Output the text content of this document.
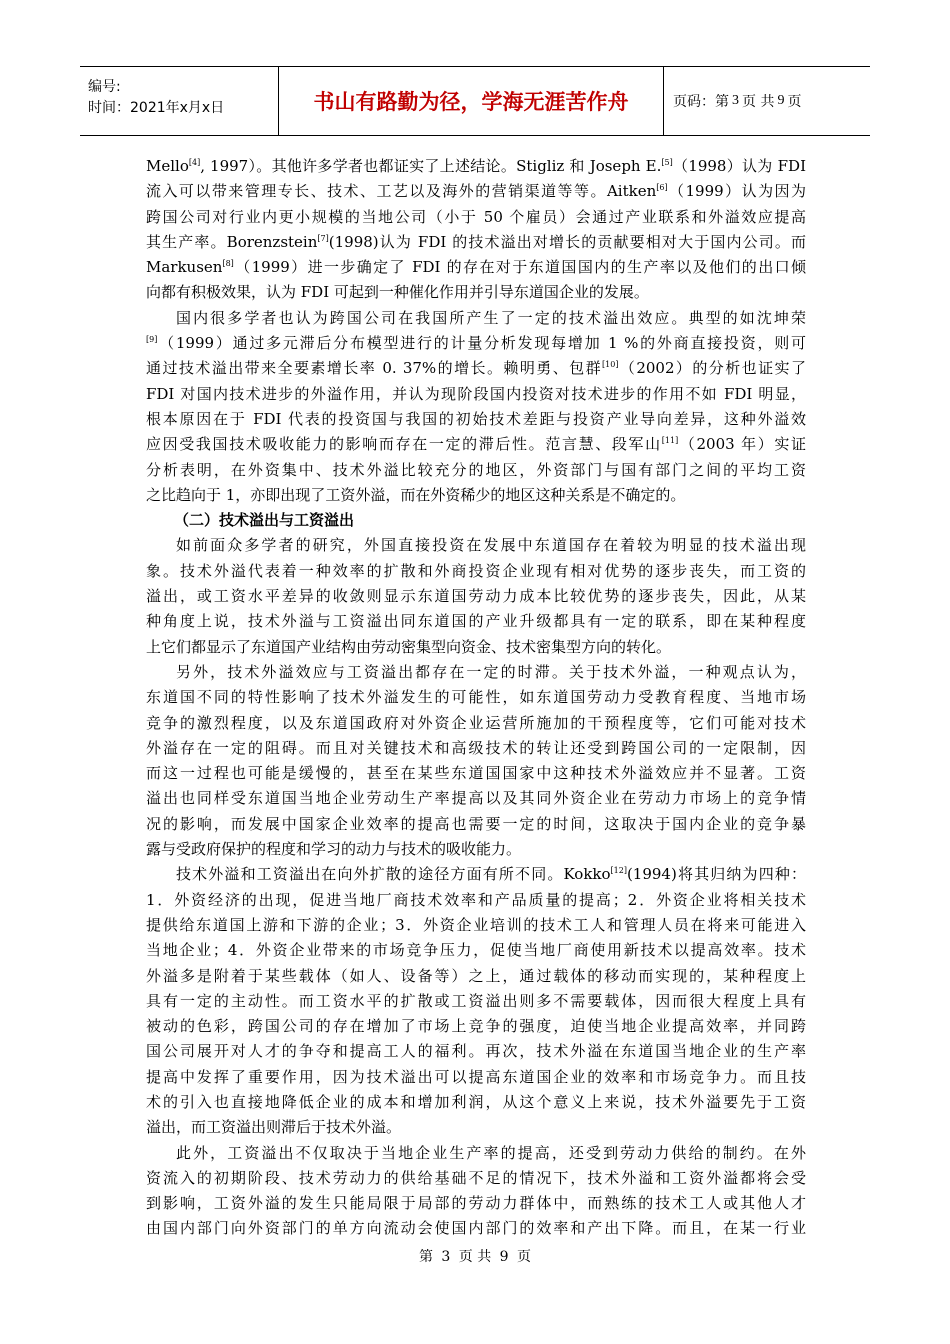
编号:
时间：2021年x月x日	书山有路勤为径，学海无涯苦作舟	页码：第 3 页 共 9 页
Mello[4], 1997）。其他许多学者也都证实了上述结论。Stigliz 和 Joseph E.[5]（1998）认为 FDI
流入可以带来管理专长、技术、工艺以及海外的营销渠道等等。Aitken[6]（1999）认为因为
跨国公司对行业内更小规模的当地公司（小于 50 个雇员）会通过产业联系和外溢效应提高
其生产率。Borenzstein[7](1998)认为 FDI 的技术溢出对增长的贡献要相对大于国内公司。而
Markusen[8]（1999）进一步确定了 FDI 的存在对于东道国国内的生产率以及他们的出口倾
向都有积极效果，认为 FDI 可起到一种催化作用并引导东道国企业的发展。
国内很多学者也认为跨国公司在我国所产生了一定的技术溢出效应。典型的如沈坤荣
[9]（1999）通过多元滞后分布模型进行的计量分析发现每增加 1 %的外商直接投资，则可
通过技术溢出带来全要素增长率 0. 37%的增长。赖明勇、包群[10]（2002）的分析也证实了
FDI 对国内技术进步的外溢作用，并认为现阶段国内投资对技术进步的作用不如 FDI 明显，
根本原因在于 FDI 代表的投资国与我国的初始技术差距与投资产业导向差异，这种外溢效
应因受我国技术吸收能力的影响而存在一定的滞后性。范言慧、段军山[11]（2003 年）实证
分析表明，在外资集中、技术外溢比较充分的地区，外资部门与国有部门之间的平均工资
之比趋向于 1，亦即出现了工资外溢，而在外资稀少的地区这种关系是不确定的。
（二）技术溢出与工资溢出
如前面众多学者的研究，外国直接投资在发展中东道国存在着较为明显的技术溢出现
象。技术外溢代表着一种效率的扩散和外商投资企业现有相对优势的逐步丧失，而工资的
溢出，或工资水平差异的收敛则显示东道国劳动力成本比较优势的逐步丧失，因此，从某
种角度上说，技术外溢与工资溢出同东道国的产业升级都具有一定的联系，即在某种程度
上它们都显示了东道国产业结构由劳动密集型向资金、技术密集型方向的转化。
另外，技术外溢效应与工资溢出都存在一定的时滞。关于技术外溢，一种观点认为，
东道国不同的特性影响了技术外溢发生的可能性，如东道国劳动力受教育程度、当地市场
竞争的激烈程度，以及东道国政府对外资企业运营所施加的干预程度等，它们可能对技术
外溢存在一定的阻碍。而且对关键技术和高级技术的转让还受到跨国公司的一定限制，因
而这一过程也可能是缓慢的，甚至在某些东道国国家中这种技术外溢效应并不显著。工资
溢出也同样受东道国当地企业劳动生产率提高以及其同外资企业在劳动力市场上的竞争情
况的影响，而发展中国家企业效率的提高也需要一定的时间，这取决于国内企业的竞争暴
露与受政府保护的程度和学习的动力与技术的吸收能力。
技术外溢和工资溢出在向外扩散的途径方面有所不同。Kokko[12](1994)将其归纳为四种：
1．外资经济的出现，促进当地厂商技术效率和产品质量的提高；2．外资企业将相关技术
提供给东道国上游和下游的企业；3．外资企业培训的技术工人和管理人员在将来可能进入
当地企业；4．外资企业带来的市场竞争压力，促使当地厂商使用新技术以提高效率。技术
外溢多是附着于某些载体（如人、设备等）之上，通过载体的移动而实现的，某种程度上
具有一定的主动性。而工资水平的扩散或工资溢出则多不需要载体，因而很大程度上具有
被动的色彩，跨国公司的存在增加了市场上竞争的强度，迫使当地企业提高效率，并同跨
国公司展开对人才的争夺和提高工人的福利。再次，技术外溢在东道国当地企业的生产率
提高中发挥了重要作用，因为技术溢出可以提高东道国企业的效率和市场竞争力。而且技
术的引入也直接地降低企业的成本和增加利润，从这个意义上来说，技术外溢要先于工资
溢出，而工资溢出则滞后于技术外溢。
此外，工资溢出不仅取决于当地企业生产率的提高，还受到劳动力供给的制约。在外
资流入的初期阶段、技术劳动力的供给基础不足的情况下，技术外溢和工资外溢都将会受
到影响，工资外溢的发生只能局限于局部的劳动力群体中，而熟练的技术工人或其他人才
由国内部门向外资部门的单方向流动会使国内部门的效率和产出下降。而且，在某一行业
第 3 页 共 9 页
